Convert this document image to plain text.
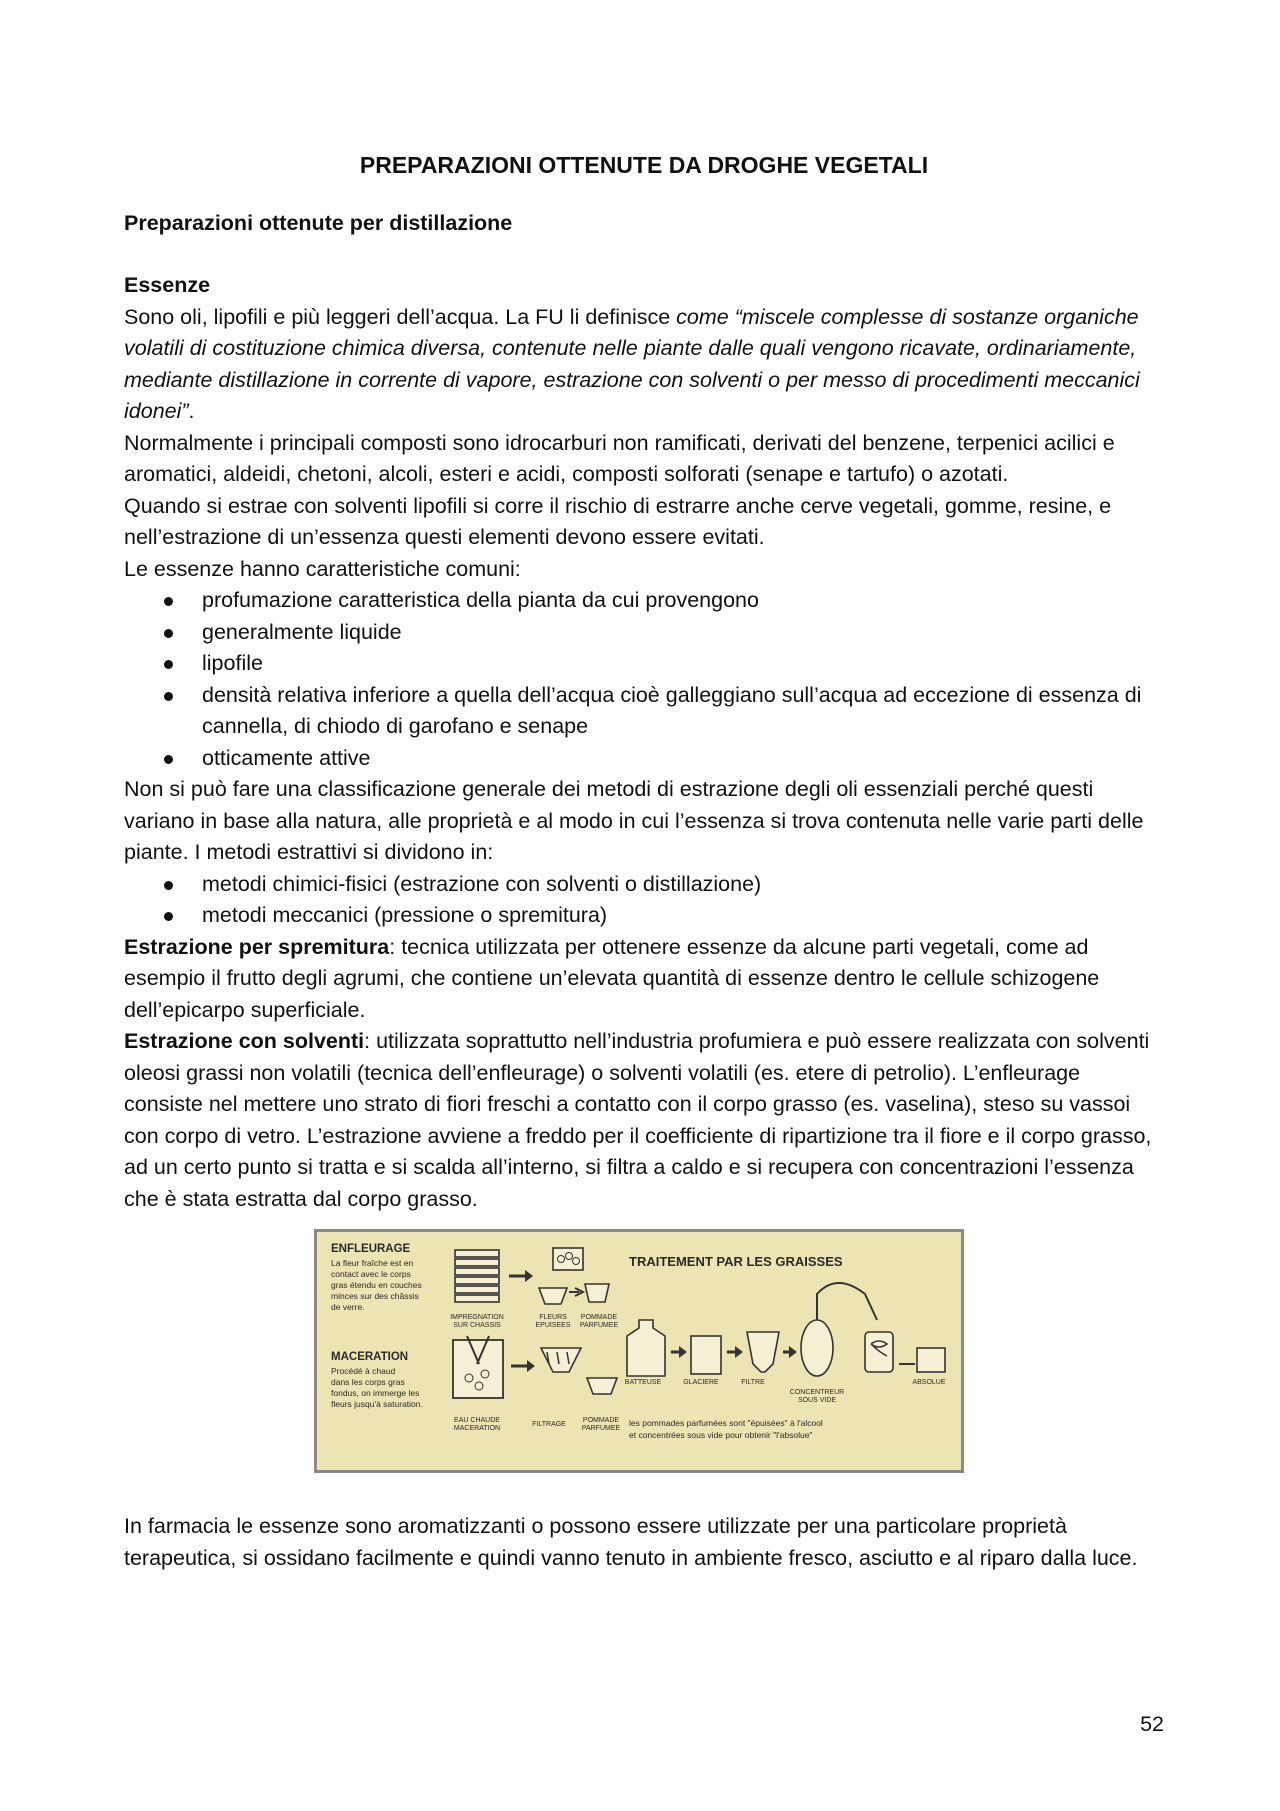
PREPARAZIONI OTTENUTE DA DROGHE VEGETALI

Preparazioni ottenute per distillazione

Essenze

Sono oli, lipofili e più leggeri dell’acqua. La FU li definisce come “miscele complesse di sostanze organiche volatili di costituzione chimica diversa, contenute nelle piante dalle quali vengono ricavate, ordinariamente, mediante distillazione in corrente di vapore, estrazione con solventi o per messo di procedimenti meccanici idonei”.

Normalmente i principali composti sono idrocarburi non ramificati, derivati del benzene, terpenici acilici e aromatici, aldeidi, chetoni, alcoli, esteri e acidi, composti solforati (senape e tartufo) o azotati.

Quando si estrae con solventi lipofili si corre il rischio di estrarre anche cerve vegetali, gomme, resine, e nell’estrazione di un’essenza questi elementi devono essere evitati.

Le essenze hanno caratteristiche comuni:

profumazione caratteristica della pianta da cui provengono
generalmente liquide
lipofile
densità relativa inferiore a quella dell’acqua cioè galleggiano sull’acqua ad eccezione di essenza di cannella, di chiodo di garofano e senape
otticamente attive

Non si può fare una classificazione generale dei metodi di estrazione degli oli essenziali perché questi variano in base alla natura, alle proprietà e al modo in cui l’essenza si trova contenuta nelle varie parti delle piante. I metodi estrattivi si dividono in:

metodi chimici-fisici (estrazione con solventi o distillazione)
metodi meccanici (pressione o spremitura)

Estrazione per spremitura: tecnica utilizzata per ottenere essenze da alcune parti vegetali, come ad esempio il frutto degli agrumi, che contiene un’elevata quantità di essenze dentro le cellule schizogene dell’epicarpo superficiale.

Estrazione con solventi: utilizzata soprattutto nell’industria profumiera e può essere realizzata con solventi oleosi grassi non volatili (tecnica dell’enfleurage) o solventi volatili (es. etere di petrolio). L’enfleurage consiste nel mettere uno strato di fiori freschi a contatto con il corpo grasso (es. vaselina), steso su vassoi con corpo di vetro. L’estrazione avviene a freddo per il coefficiente di ripartizione tra il fiore e il corpo grasso, ad un certo punto si tratta e si scalda all’interno, si filtra a caldo e si recupera con concentrazioni l’essenza che è stata estratta dal corpo grasso.

ENFLEURAGE
La fleur fraîche est en
contact avec le corps
gras étendu en couches
minces sur des châssis
de verre.
MACERATION
Procédé à chaud
dans les corps gras
fondus, on immerge les
fleurs jusqu'à saturation.
IMPREGNATION
SUR CHASSIS
FLEURS
EPUISEES
POMMADE
PARFUMEE
TRAITEMENT PAR LES GRAISSES
EAU CHAUDE
MACERATION
FILTRAGE
POMMADE
PARFUMEE
BATTEUSE	GLACIERE	FILTRE
CONCENTREUR
SOUS VIDE
ABSOLUE
les pommades parfumées sont "épuisées" à l'alcool
et concentrées sous vide pour obtenir "l'absolue"

In farmacia le essenze sono aromatizzanti o possono essere utilizzate per una particolare proprietà terapeutica, si ossidano facilmente e quindi vanno tenuto in ambiente fresco, asciutto e al riparo dalla luce.

52
